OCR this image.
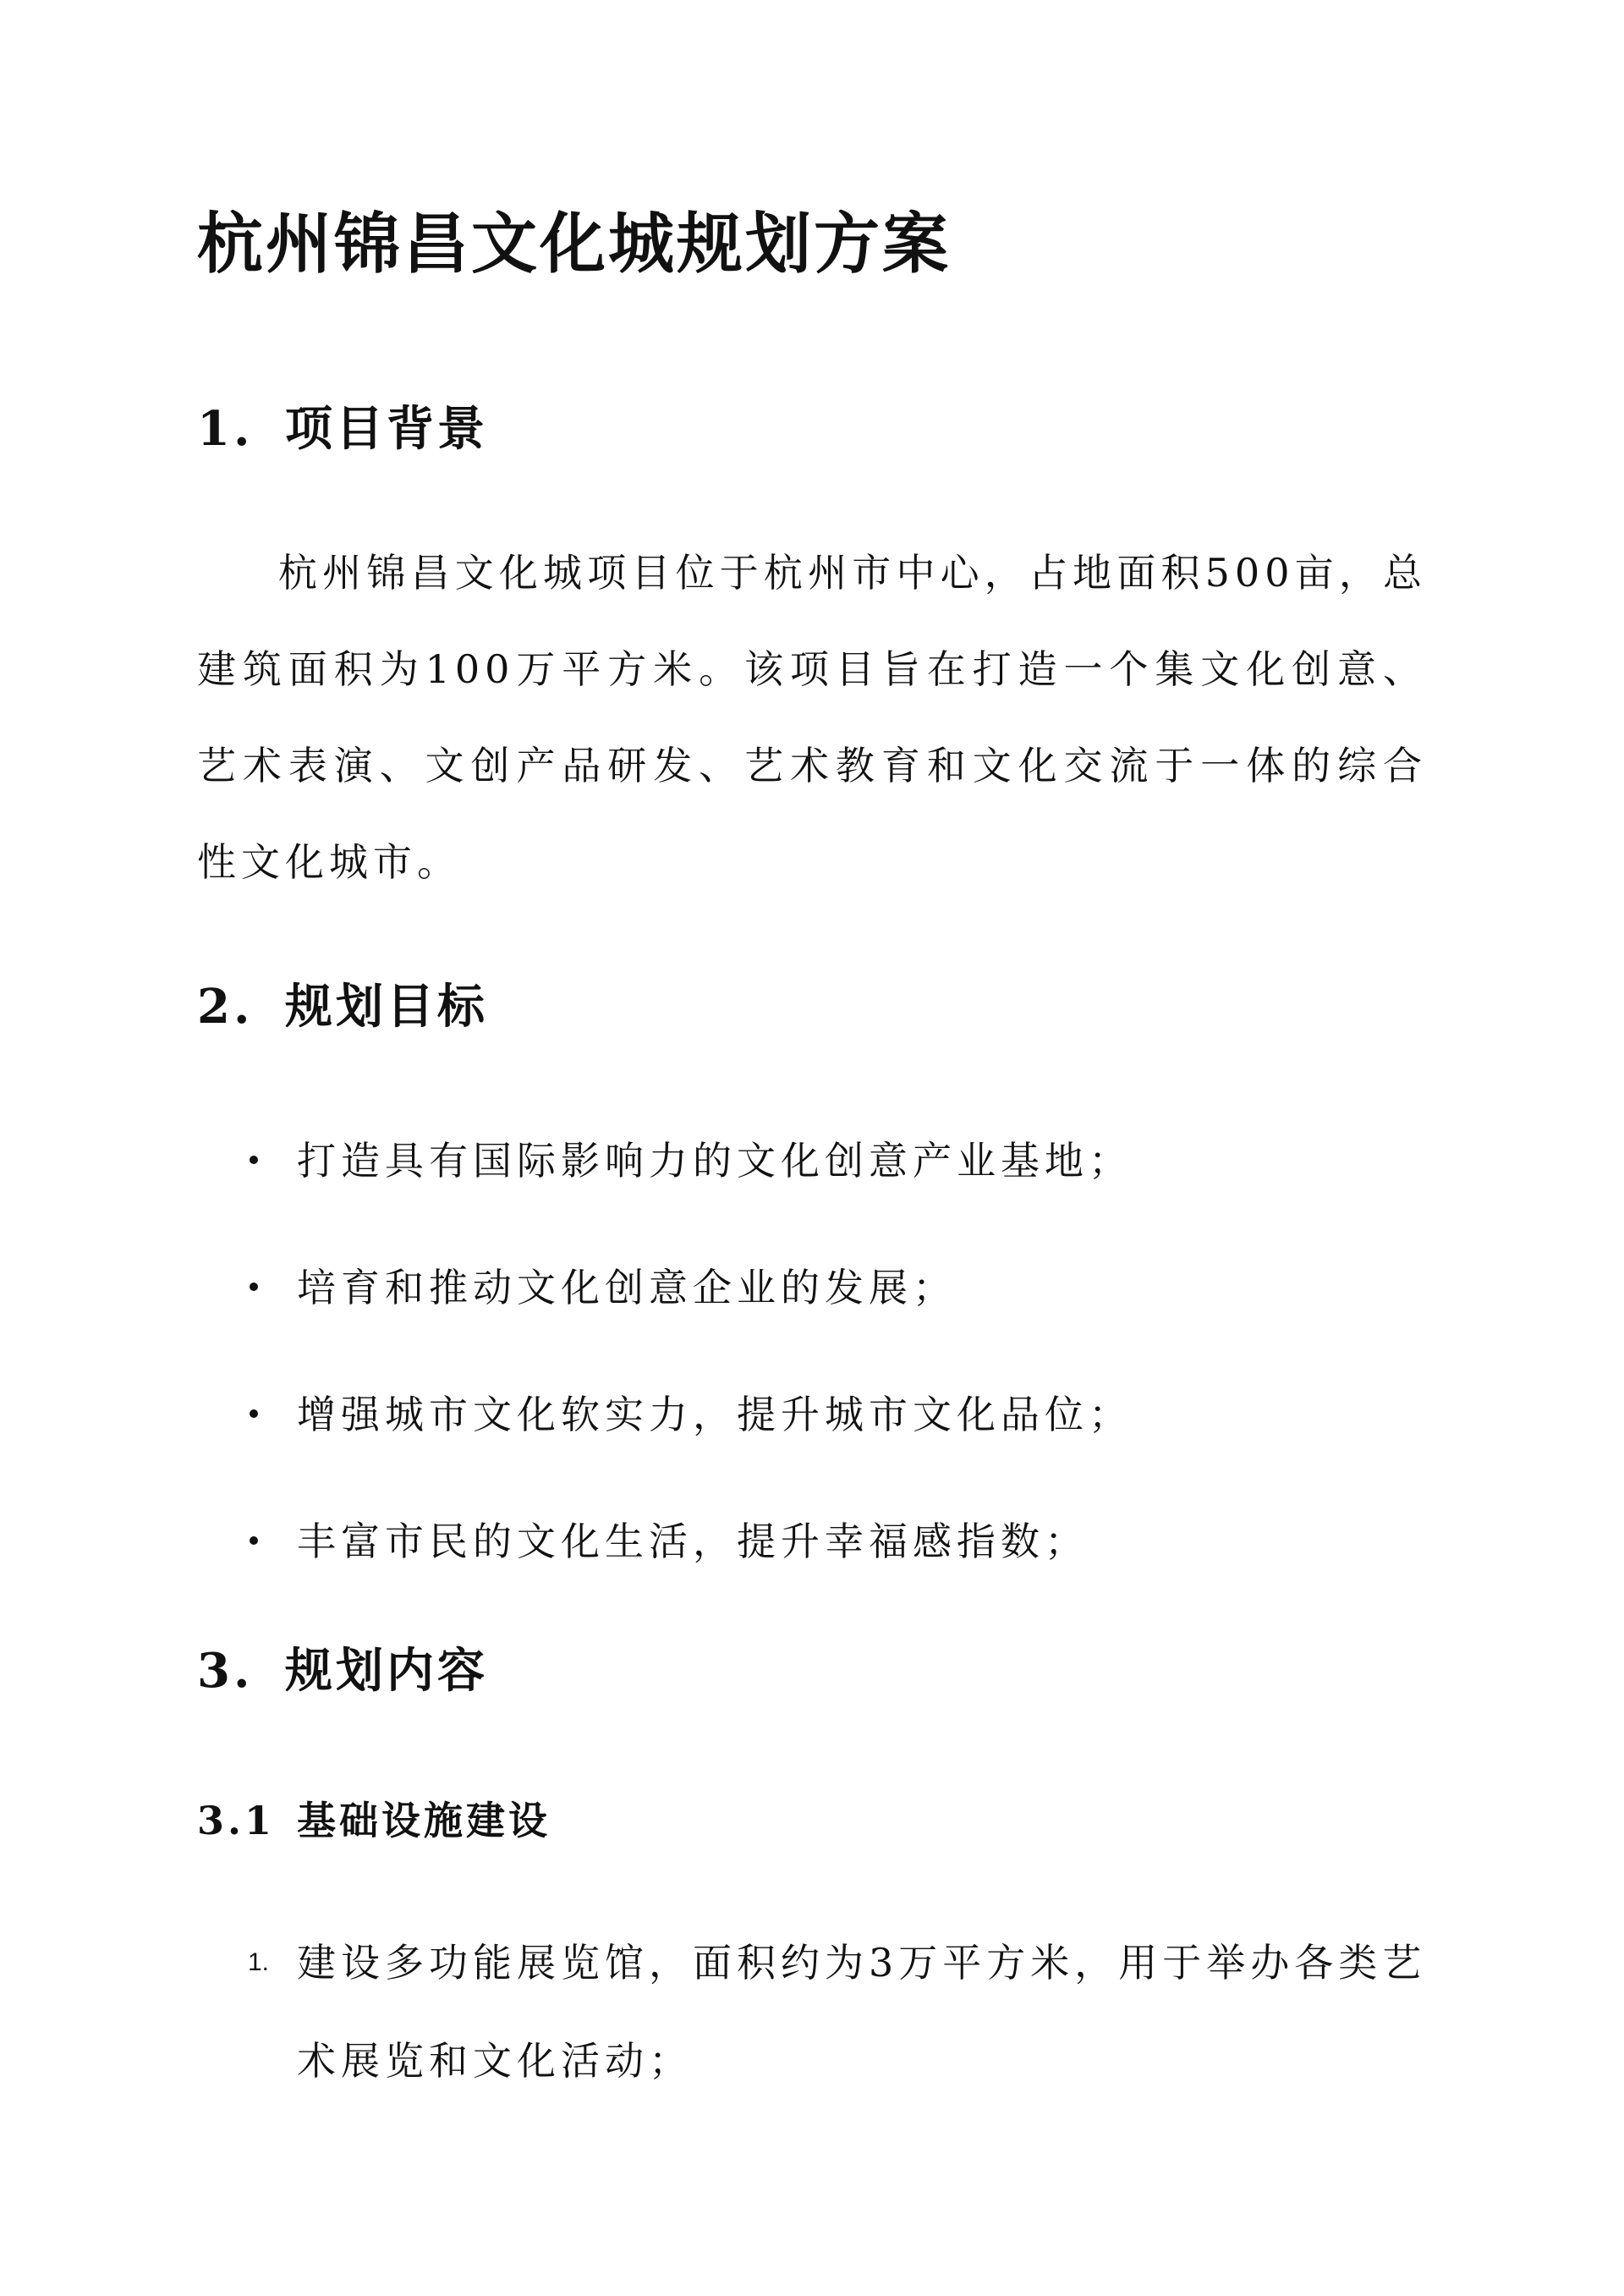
杭州锦昌文化城规划方案
1. 项目背景

杭州锦昌文化城项目位于杭州市中心，占地面积500亩，总建筑面积为100万平方米。该项目旨在打造一个集文化创意、艺术表演、文创产品研发、艺术教育和文化交流于一体的综合性文化城市。

2. 规划目标
打造具有国际影响力的文化创意产业基地；
培育和推动文化创意企业的发展；
增强城市文化软实力，提升城市文化品位；
丰富市民的文化生活，提升幸福感指数；
3. 规划内容
3.1 基础设施建设
1. 建设多功能展览馆，面积约为3万平方米，用于举办各类艺术展览和文化活动；
